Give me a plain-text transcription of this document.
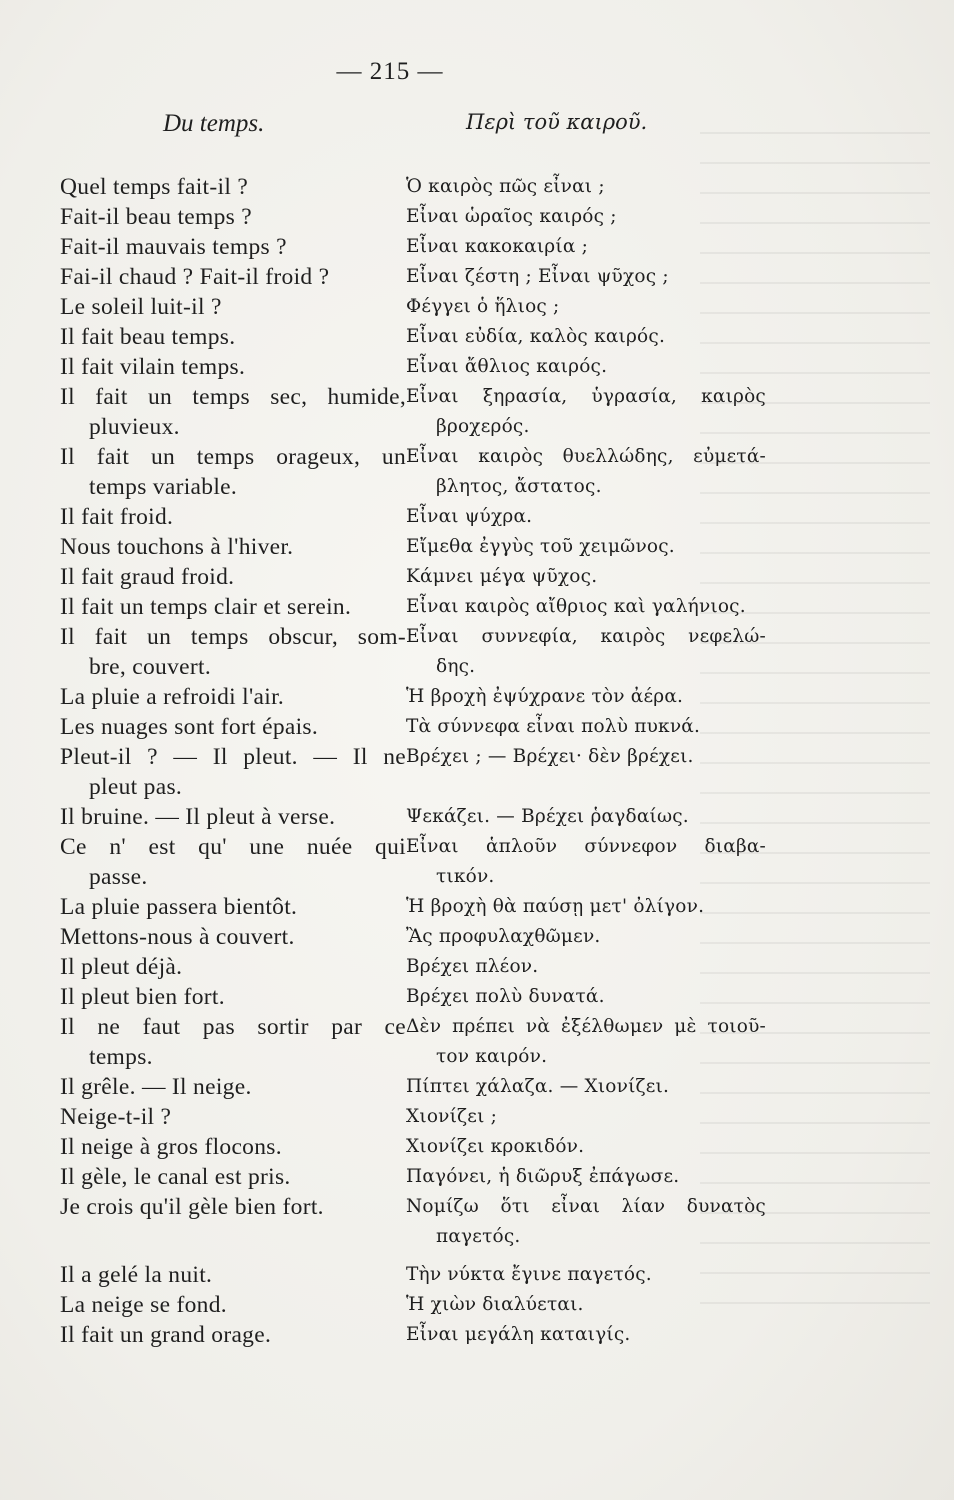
— 215 —
Du temps.	Περὶ τοῦ καιροῦ.
Quel temps fait-il ?	Ὁ καιρὸς πῶς εἶναι ;
Fait-il beau temps ?	Εἶναι ὡραῖος καιρός ;
Fait-il mauvais temps ?	Εἶναι κακοκαιρία ;
Fai-il chaud ? Fait-il froid ?	Εἶναι ζέστη ; Εἶναι ψῦχος ;
Le soleil luit-il ?	Φέγγει ὁ ἥλιος ;
Il fait beau temps.	Εἶναι εὐδία, καλὸς καιρός.
Il fait vilain temps.	Εἶναι ἄθλιος καιρός.
Il fait un temps sec, humide, Εἶναι ξηρασία, ὑγρασία, καιρὸς
pluvieux.	βροχερός.
Il fait un temps orageux, un Εἶναι καιρὸς θυελλώδης, εὐμετά-
temps variable.	βλητος, ἄστατος.
Il fait froid.	Εἶναι ψύχρα.
Nous touchons à l'hiver.	Εἴμεθα ἐγγὺς τοῦ χειμῶνος.
Il fait graud froid.	Κάμνει μέγα ψῦχος.
Il fait un temps clair et serein.	Εἶναι καιρὸς αἴθριος καὶ γαλήνιος.
Il fait un temps obscur, som- Εἶναι συννεφία, καιρὸς νεφελώ-
bre, couvert.	δης.
La pluie a refroidi l'air.	Ἡ βροχὴ ἐψύχρανε τὸν ἀέρα.
Les nuages sont fort épais.	Τὰ σύννεφα εἶναι πολὺ πυκνά.
Pleut-il ? — Il pleut. — Il ne Βρέχει ; — Βρέχει· δὲν βρέχει.
pleut pas.
Il bruine. — Il pleut à verse.	Ψεκάζει. — Βρέχει ῥαγδαίως.
Ce n' est qu' une nuée qui Εἶναι ἁπλοῦν σύννεφον διαβα-
passe.	τικόν.
La pluie passera bientôt.	Ἡ βροχὴ θὰ παύσῃ μετ' ὀλίγον.
Mettons-nous à couvert.	Ἂς προφυλαχθῶμεν.
Il pleut déjà.	Βρέχει πλέον.
Il pleut bien fort.	Βρέχει πολὺ δυνατά.
Il ne faut pas sortir par ce Δὲν πρέπει νὰ ἐξέλθωμεν μὲ τοιοῦ-
temps.	τον καιρόν.
Il grêle. — Il neige.	Πίπτει χάλαζα. — Χιονίζει.
Neige-t-il ?	Χιονίζει ;
Il neige à gros flocons.	Χιονίζει κροκιδόν.
Il gèle, le canal est pris.	Παγόνει, ἡ διῶρυξ ἐπάγωσε.
Je crois qu'il gèle bien fort.	Νομίζω ὅτι εἶναι λίαν δυνατὸς
παγετός.
Il a gelé la nuit.	Τὴν νύκτα ἔγινε παγετός.
La neige se fond.	Ἡ χιὼν διαλύεται.
Il fait un grand orage.	Εἶναι μεγάλη καταιγίς.
